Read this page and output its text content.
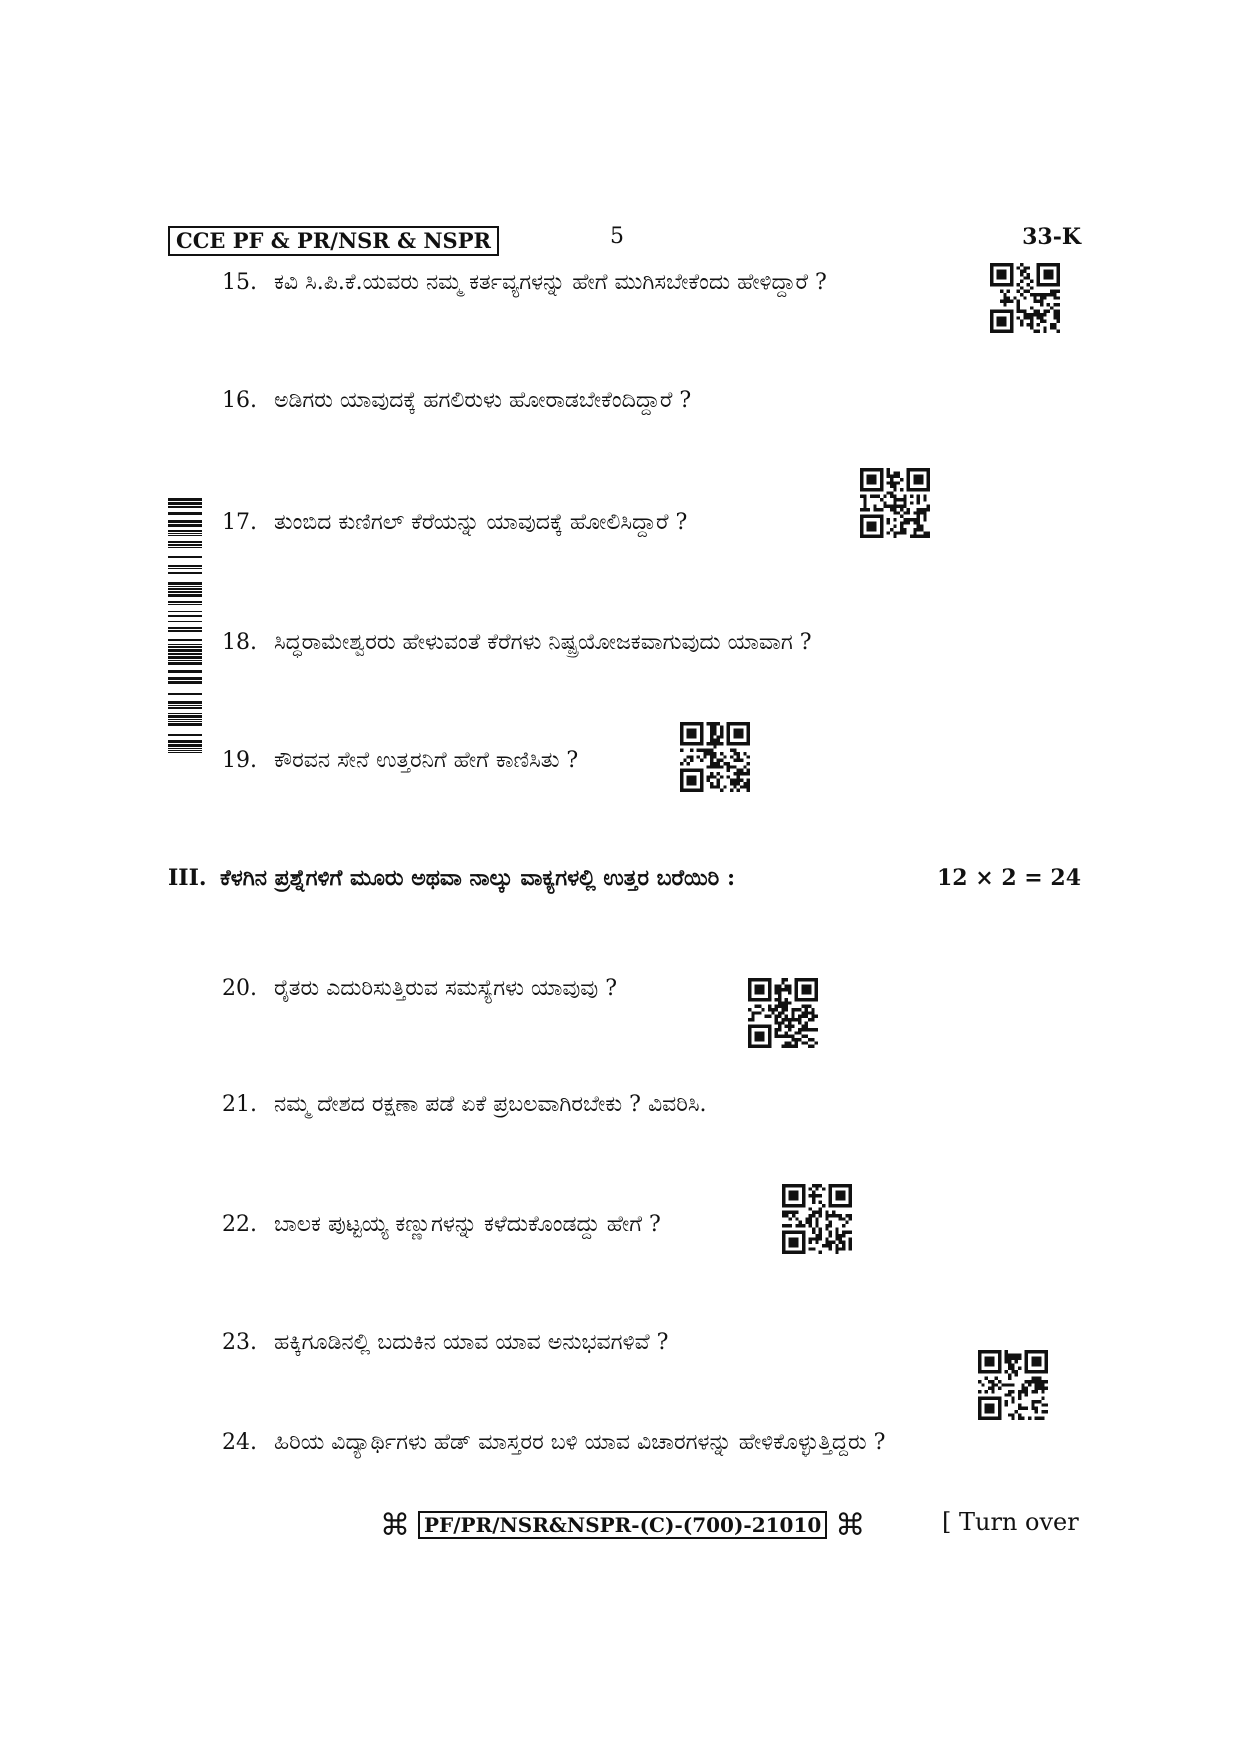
CCE PF & PR/NSR & NSPR	5	33-K
15. ಕವಿ ಸಿ.ಪಿ.ಕೆ.ಯವರು ನಮ್ಮ ಕರ್ತವ್ಯಗಳನ್ನು ಹೇಗೆ ಮುಗಿಸಬೇಕೆಂದು ಹೇಳಿದ್ದಾರೆ ?
16. ಅಡಿಗರು ಯಾವುದಕ್ಕೆ ಹಗಲಿರುಳು ಹೋರಾಡಬೇಕೆಂದಿದ್ದಾರೆ ?
17. ತುಂಬಿದ ಕುಣಿಗಲ್ ಕೆರೆಯನ್ನು ಯಾವುದಕ್ಕೆ ಹೋಲಿಸಿದ್ದಾರೆ ?
18. ಸಿದ್ಧರಾಮೇಶ್ವರರು ಹೇಳುವಂತೆ ಕೆರೆಗಳು ನಿಷ್ಪ್ರಯೋಜಕವಾಗುವುದು ಯಾವಾಗ ?
19. ಕೌರವನ ಸೇನೆ ಉತ್ತರನಿಗೆ ಹೇಗೆ ಕಾಣಿಸಿತು ?
III. ಕೆಳಗಿನ ಪ್ರಶ್ನೆಗಳಿಗೆ ಮೂರು ಅಥವಾ ನಾಲ್ಕು ವಾಕ್ಯಗಳಲ್ಲಿ ಉತ್ತರ ಬರೆಯಿರಿ :	12 × 2 = 24
20. ರೈತರು ಎದುರಿಸುತ್ತಿರುವ ಸಮಸ್ಯೆಗಳು ಯಾವುವು ?
21. ನಮ್ಮ ದೇಶದ ರಕ್ಷಣಾ ಪಡೆ ಏಕೆ ಪ್ರಬಲವಾಗಿರಬೇಕು ? ವಿವರಿಸಿ.
22. ಬಾಲಕ ಪುಟ್ಟಯ್ಯ ಕಣ್ಣುಗಳನ್ನು ಕಳೆದುಕೊಂಡದ್ದು ಹೇಗೆ ?
23. ಹಕ್ಕಿಗೂಡಿನಲ್ಲಿ ಬದುಕಿನ ಯಾವ ಯಾವ ಅನುಭವಗಳಿವೆ ?
24. ಹಿರಿಯ ವಿದ್ಯಾರ್ಥಿಗಳು ಹೆಡ್ ಮಾಸ್ತರರ ಬಳಿ ಯಾವ ವಿಚಾರಗಳನ್ನು ಹೇಳಿಕೊಳ್ಳುತ್ತಿದ್ದರು ?
⌘ PF/PR/NSR&NSPR-(C)-(700)-21010 ⌘	[ Turn over
